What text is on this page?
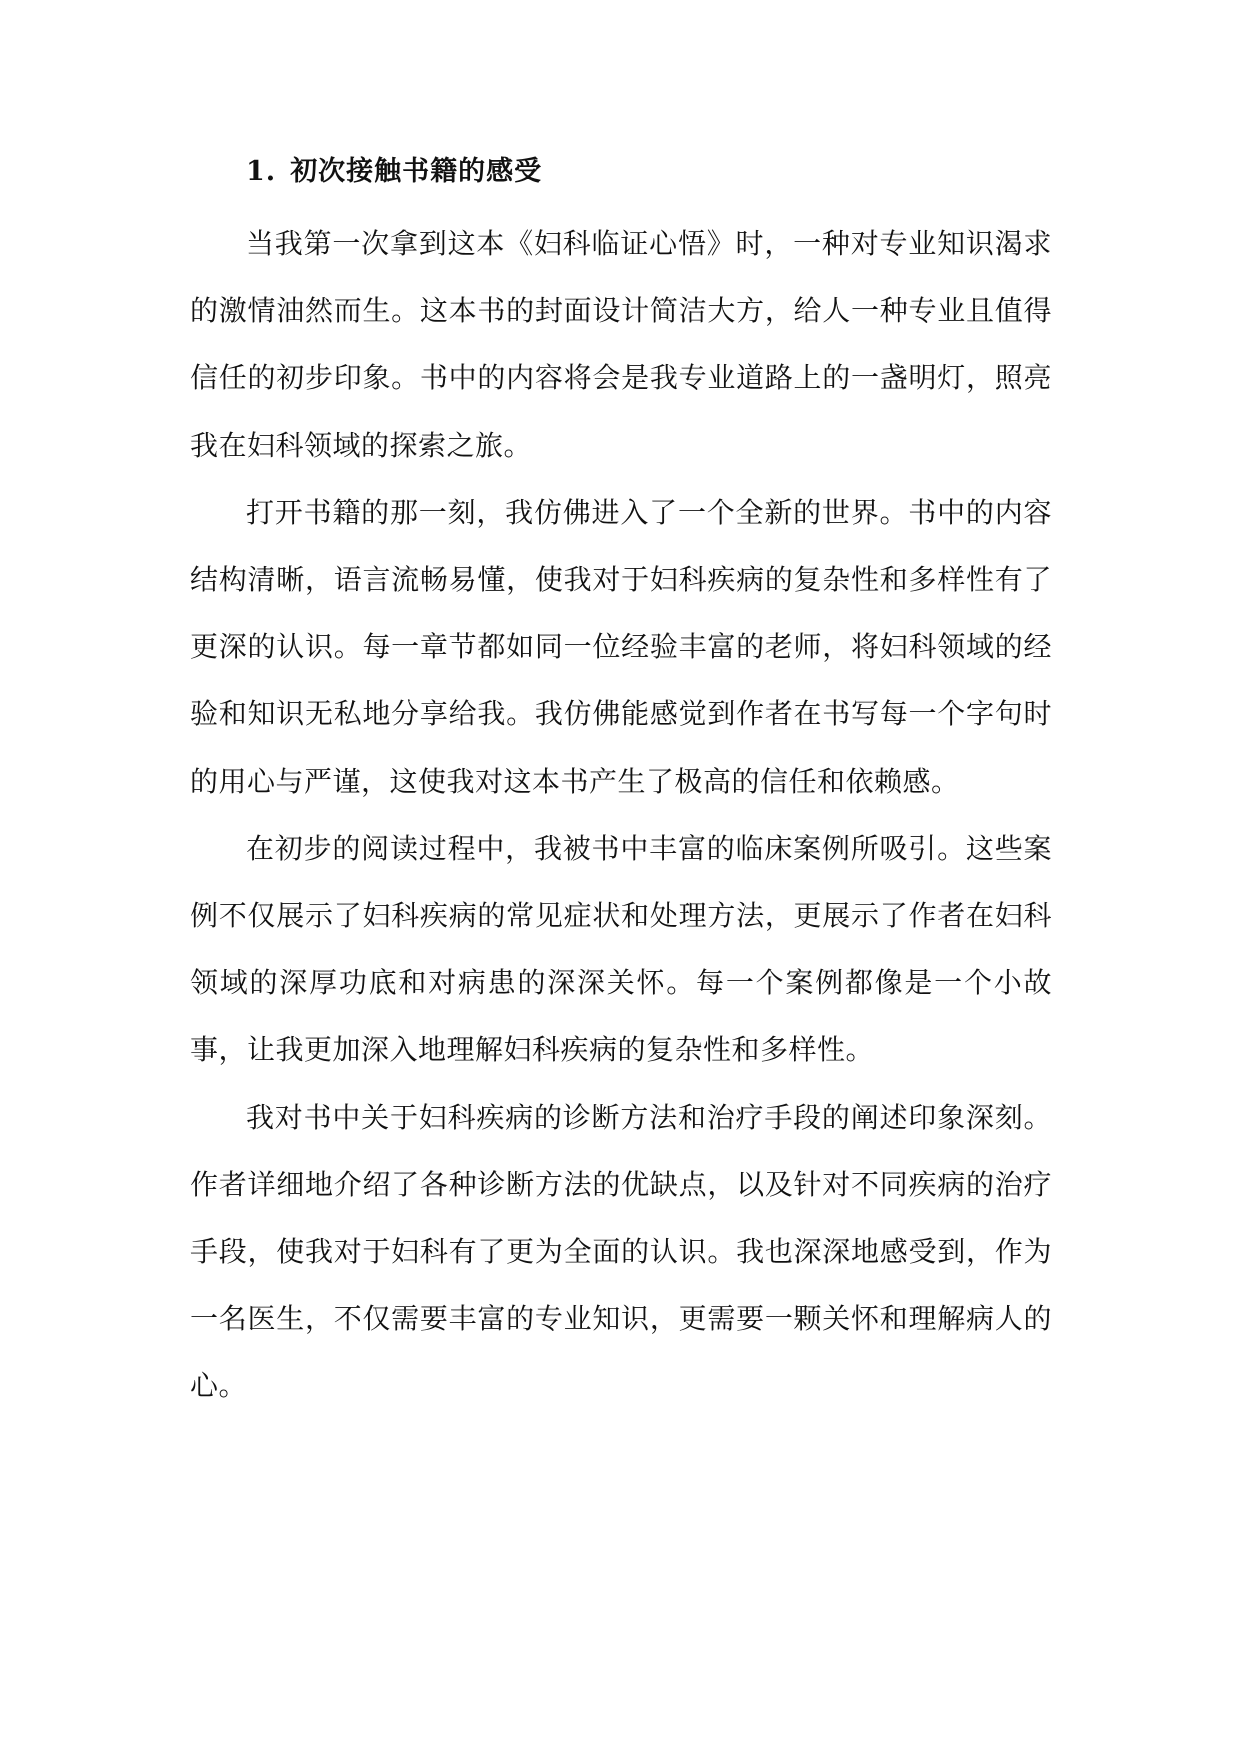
1. 初次接触书籍的感受

当我第一次拿到这本《妇科临证心悟》时，一种对专业知识渴求的激情油然而生。这本书的封面设计简洁大方，给人一种专业且值得信任的初步印象。书中的内容将会是我专业道路上的一盏明灯，照亮我在妇科领域的探索之旅。

打开书籍的那一刻，我仿佛进入了一个全新的世界。书中的内容结构清晰，语言流畅易懂，使我对于妇科疾病的复杂性和多样性有了更深的认识。每一章节都如同一位经验丰富的老师，将妇科领域的经验和知识无私地分享给我。我仿佛能感觉到作者在书写每一个字句时的用心与严谨，这使我对这本书产生了极高的信任和依赖感。

在初步的阅读过程中，我被书中丰富的临床案例所吸引。这些案例不仅展示了妇科疾病的常见症状和处理方法，更展示了作者在妇科领域的深厚功底和对病患的深深关怀。每一个案例都像是一个小故事，让我更加深入地理解妇科疾病的复杂性和多样性。

我对书中关于妇科疾病的诊断方法和治疗手段的阐述印象深刻。作者详细地介绍了各种诊断方法的优缺点，以及针对不同疾病的治疗手段，使我对于妇科有了更为全面的认识。我也深深地感受到，作为一名医生，不仅需要丰富的专业知识，更需要一颗关怀和理解病人的心。
